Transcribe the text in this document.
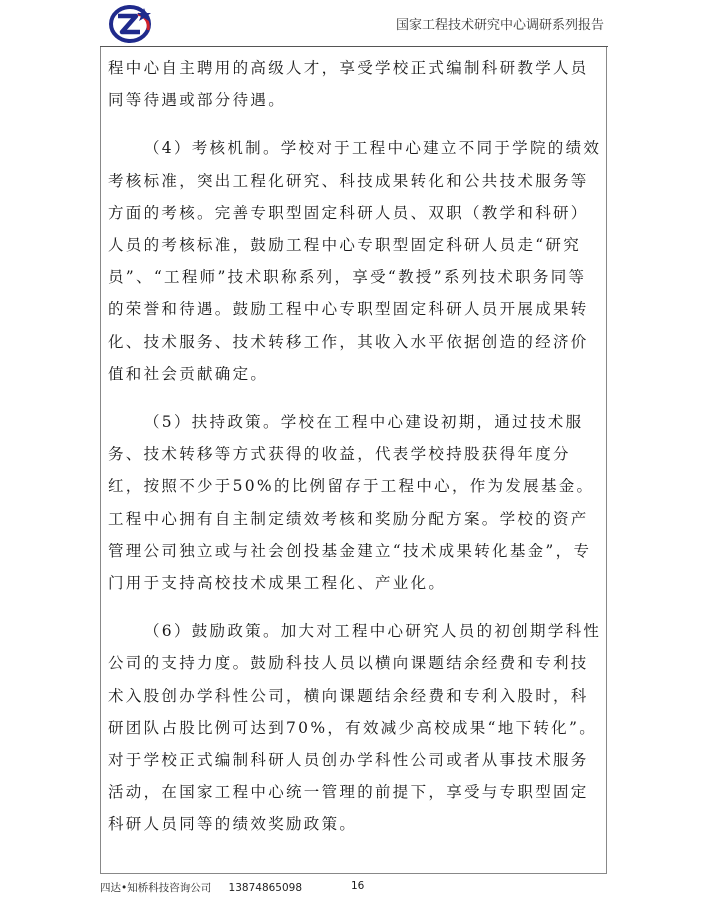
国家工程技术研究中心调研系列报告

程中心自主聘用的高级人才，享受学校正式编制科研教学人员同等待遇或部分待遇。

（4）考核机制。学校对于工程中心建立不同于学院的绩效考核标准，突出工程化研究、科技成果转化和公共技术服务等方面的考核。完善专职型固定科研人员、双职（教学和科研）人员的考核标准，鼓励工程中心专职型固定科研人员走“研究员”、“工程师”技术职称系列，享受“教授”系列技术职务同等的荣誉和待遇。鼓励工程中心专职型固定科研人员开展成果转化、技术服务、技术转移工作，其收入水平依据创造的经济价值和社会贡献确定。

（5）扶持政策。学校在工程中心建设初期，通过技术服务、技术转移等方式获得的收益，代表学校持股获得年度分红，按照不少于50%的比例留存于工程中心，作为发展基金。工程中心拥有自主制定绩效考核和奖励分配方案。学校的资产管理公司独立或与社会创投基金建立“技术成果转化基金”，专门用于支持高校技术成果工程化、产业化。

（6）鼓励政策。加大对工程中心研究人员的初创期学科性公司的支持力度。鼓励科技人员以横向课题结余经费和专利技术入股创办学科性公司，横向课题结余经费和专利入股时，科研团队占股比例可达到70%，有效减少高校成果“地下转化”。对于学校正式编制科研人员创办学科性公司或者从事技术服务活动，在国家工程中心统一管理的前提下，享受与专职型固定科研人员同等的绩效奖励政策。

四达•知桥科技咨询公司 13874865098	16
